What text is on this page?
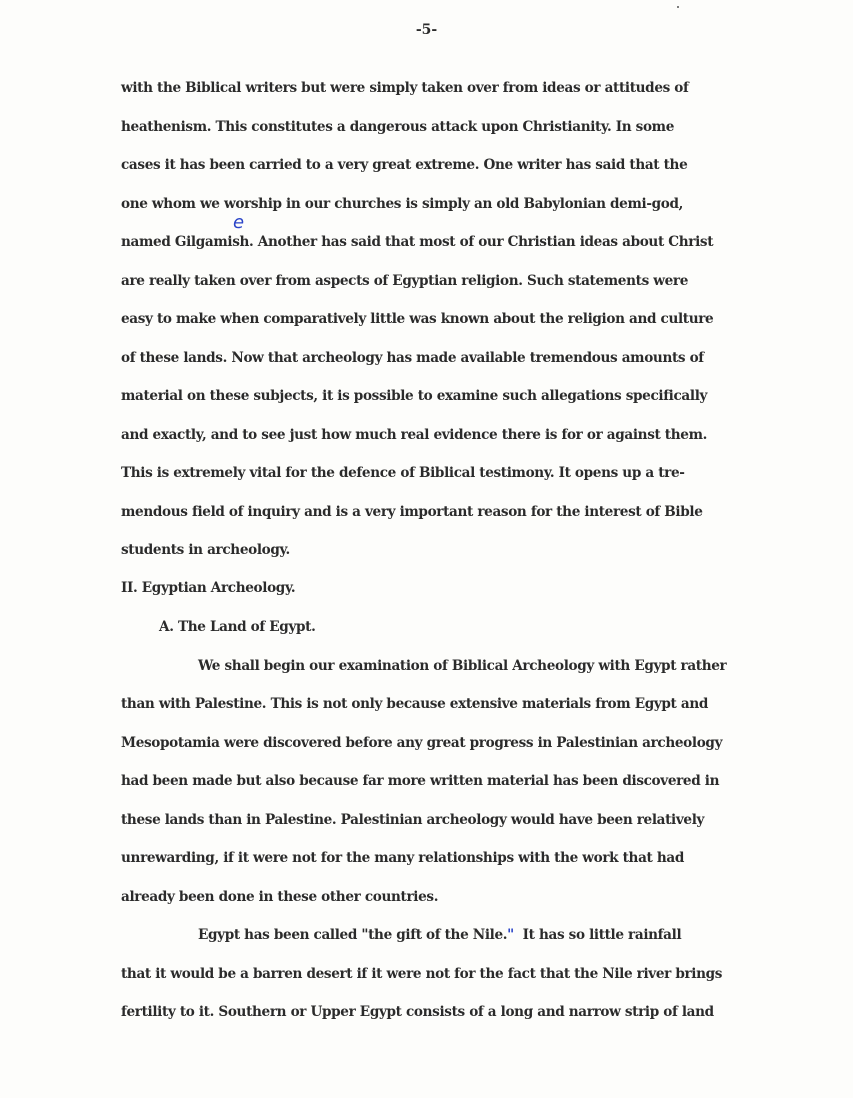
-5-
with the Biblical writers but were simply taken over from ideas or attitudes of
heathenism. This constitutes a dangerous attack upon Christianity. In some
cases it has been carried to a very great extreme. One writer has said that the
one whom we worship in our churches is simply an old Babylonian demi-god,
named Gilgamish. Another has said that most of our Christian ideas about Christ
are really taken over from aspects of Egyptian religion. Such statements were
easy to make when comparatively little was known about the religion and culture
of these lands. Now that archeology has made available tremendous amounts of
material on these subjects, it is possible to examine such allegations specifically
and exactly, and to see just how much real evidence there is for or against them.
This is extremely vital for the defence of Biblical testimony. It opens up a tre-
mendous field of inquiry and is a very important reason for the interest of Bible
students in archeology.
e
II. Egyptian Archeology.
A. The Land of Egypt.
We shall begin our examination of Biblical Archeology with Egypt rather
than with Palestine. This is not only because extensive materials from Egypt and
Mesopotamia were discovered before any great progress in Palestinian archeology
had been made but also because far more written material has been discovered in
these lands than in Palestine. Palestinian archeology would have been relatively
unrewarding, if it were not for the many relationships with the work that had
already been done in these other countries.
Egypt has been called "the gift of the Nile."  It has so little rainfall
that it would be a barren desert if it were not for the fact that the Nile river brings
fertility to it. Southern or Upper Egypt consists of a long and narrow strip of land
